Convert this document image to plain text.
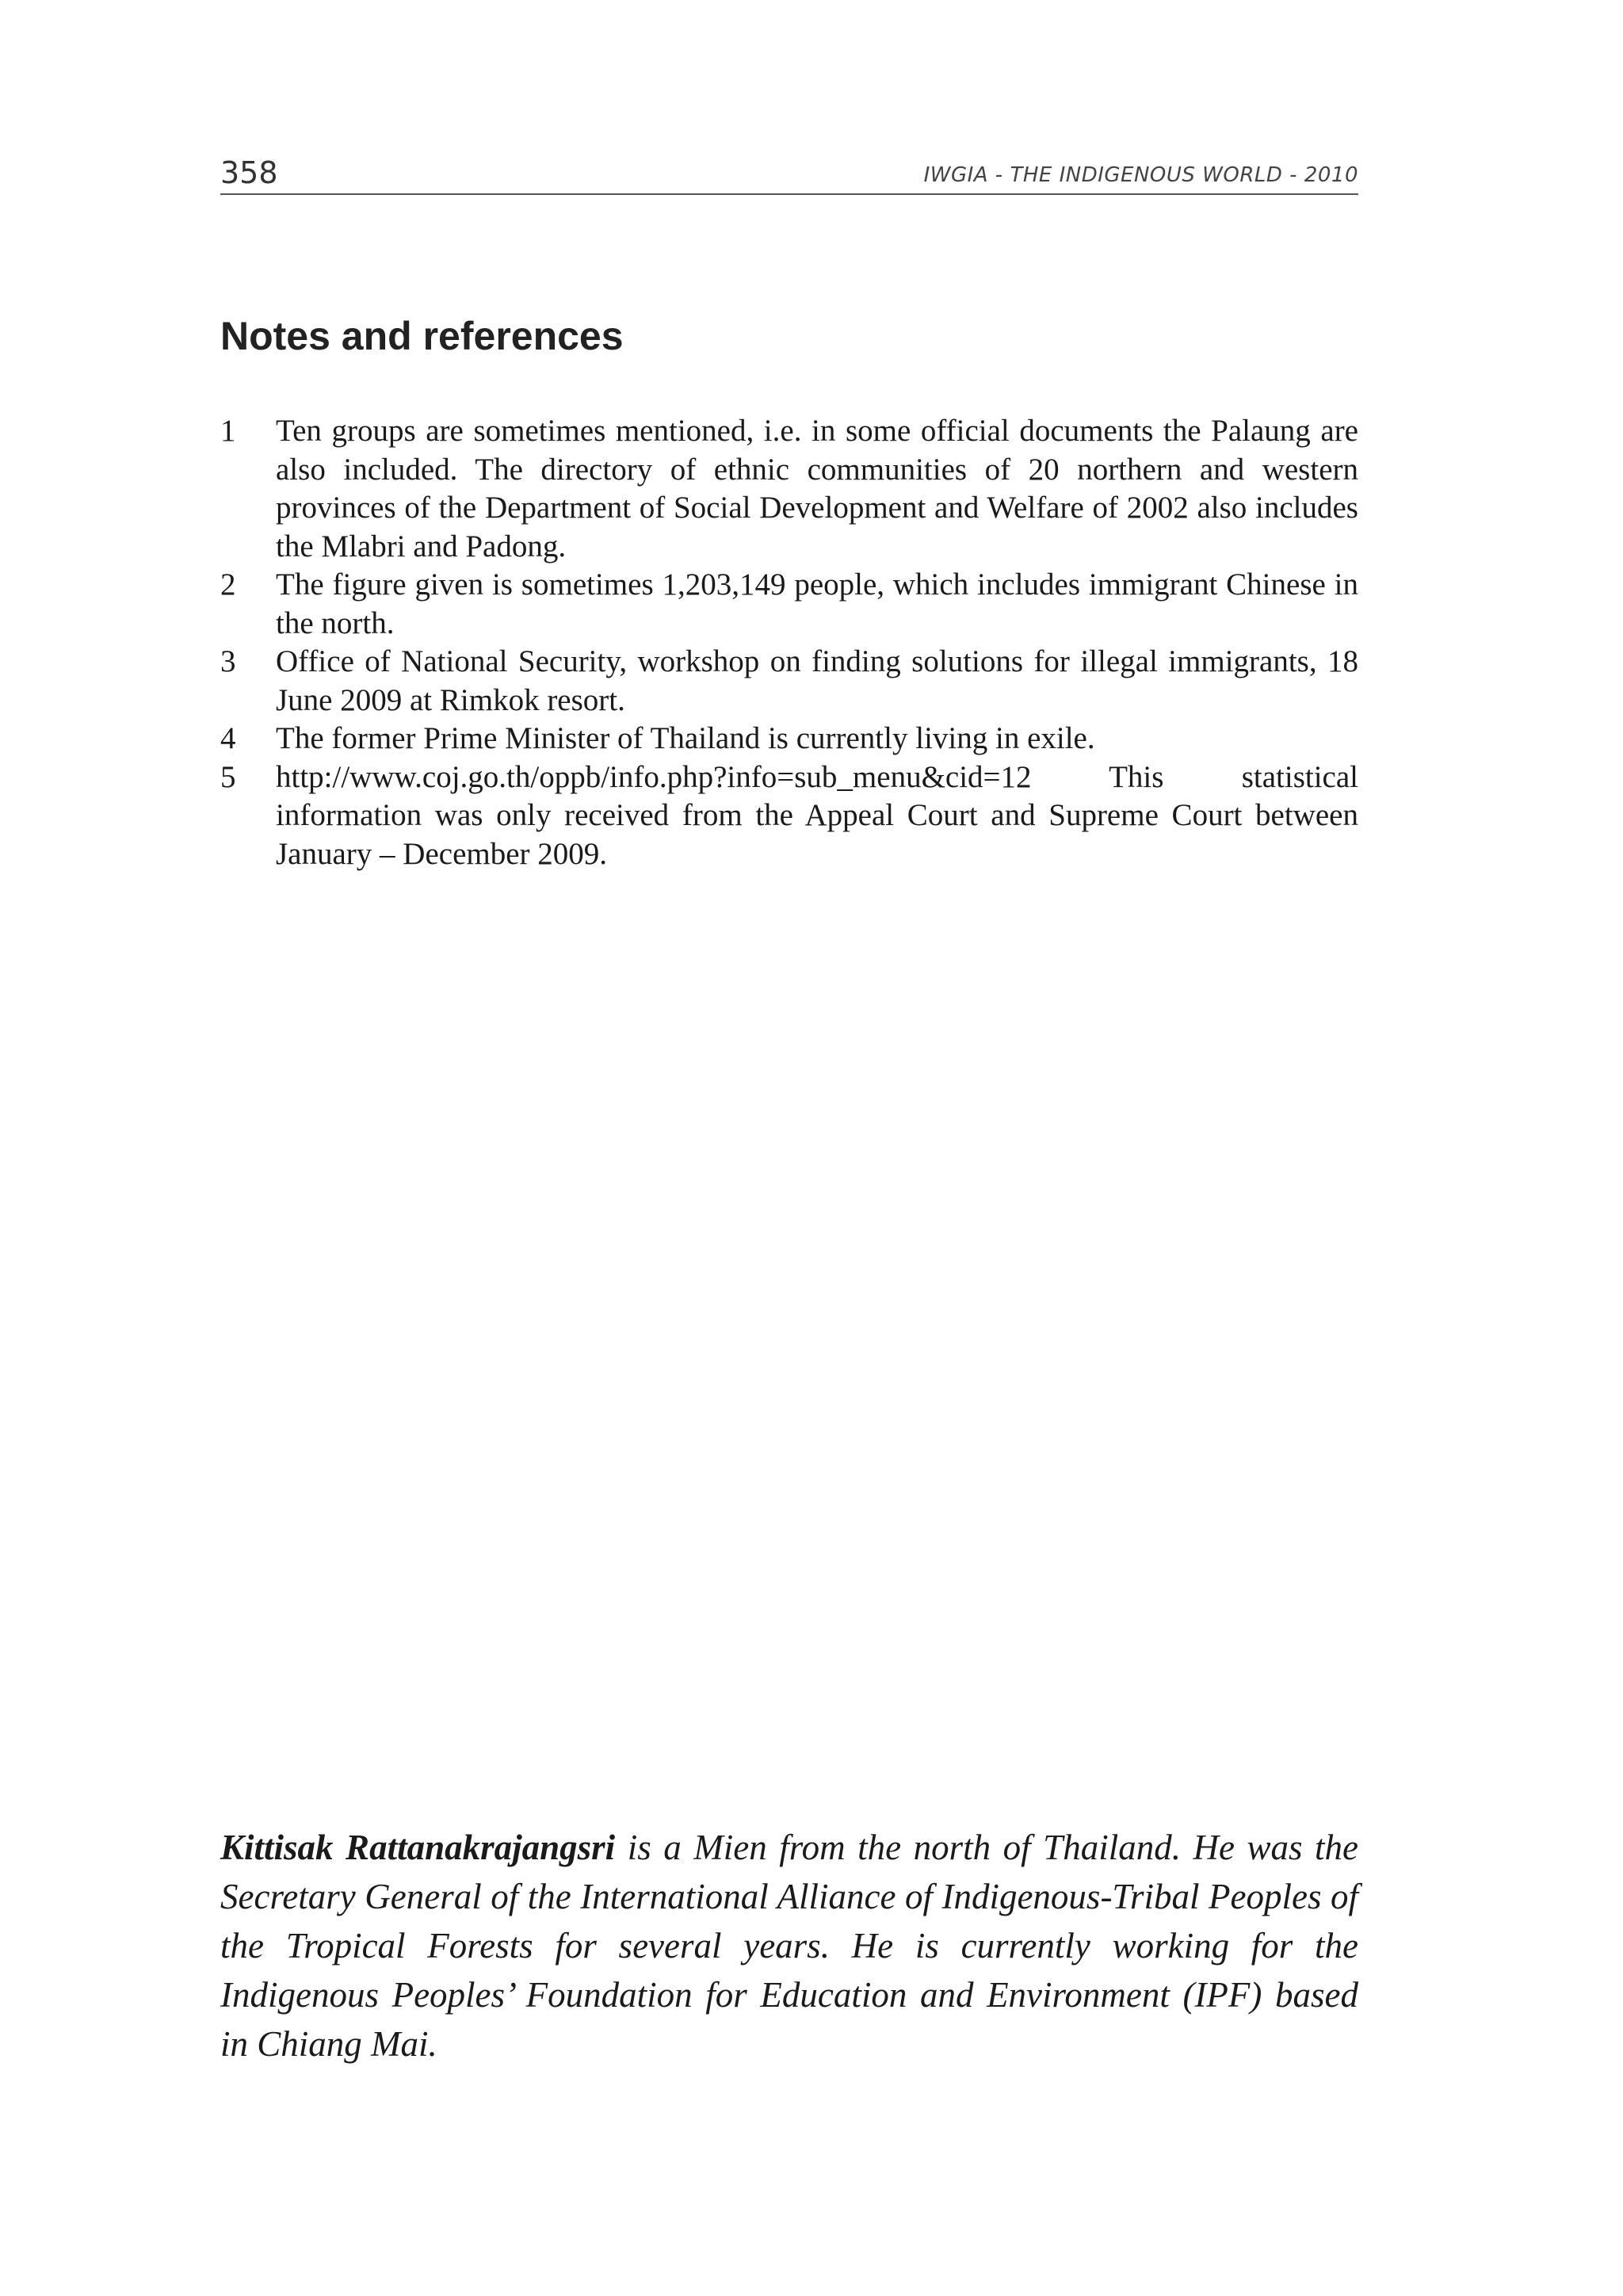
358	IWGIA - THE INDIGENOUS WORLD - 2010
Notes and references
1 Ten groups are sometimes mentioned, i.e. in some official documents the Palaung are also included. The directory of ethnic communities of 20 northern and western provinces of the Department of Social Development and Welfare of 2002 also includes the Mlabri and Padong.
2 The figure given is sometimes 1,203,149 people, which includes immigrant Chinese in the north.
3 Office of National Security, workshop on finding solutions for illegal immigrants, 18 June 2009 at Rimkok resort.
4 The former Prime Minister of Thailand is currently living in exile.
5 http://www.coj.go.th/oppb/info.php?info=sub_menu&cid=12 This statistical information was only received from the Appeal Court and Supreme Court between January – December 2009.

Kittisak Rattanakrajangsri is a Mien from the north of Thailand. He was the Secretary General of the International Alliance of Indigenous-Tribal Peoples of the Tropical Forests for several years. He is currently working for the Indigenous Peoples’ Foundation for Education and Environment (IPF) based in Chiang Mai.
